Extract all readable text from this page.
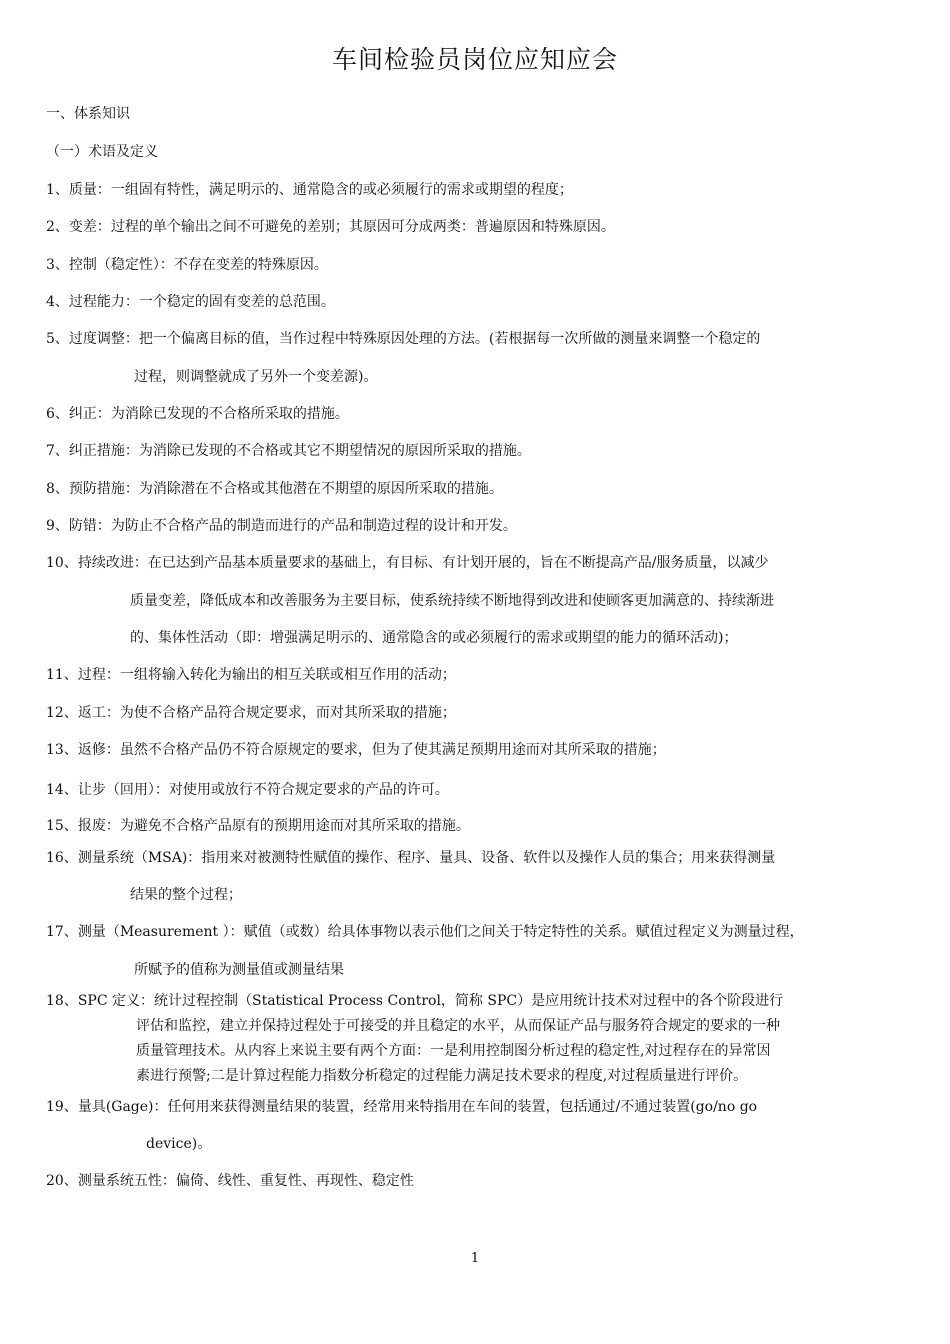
车间检验员岗位应知应会
一、体系知识
（一）术语及定义
1、质量：一组固有特性，满足明示的、通常隐含的或必须履行的需求或期望的程度；
2、变差：过程的单个输出之间不可避免的差别；其原因可分成两类：普遍原因和特殊原因。
3、控制（稳定性）：不存在变差的特殊原因。
4、过程能力：一个稳定的固有变差的总范围。
5、过度调整：把一个偏离目标的值，当作过程中特殊原因处理的方法。(若根据每一次所做的测量来调整一个稳定的
过程，则调整就成了另外一个变差源)。
6、纠正：为消除已发现的不合格所采取的措施。
7、纠正措施：为消除已发现的不合格或其它不期望情况的原因所采取的措施。
8、预防措施：为消除潜在不合格或其他潜在不期望的原因所采取的措施。
9、防错：为防止不合格产品的制造而进行的产品和制造过程的设计和开发。
10、持续改进：在已达到产品基本质量要求的基础上，有目标、有计划开展的，旨在不断提高产品/服务质量，以减少
质量变差，降低成本和改善服务为主要目标，使系统持续不断地得到改进和使顾客更加满意的、持续渐进
的、集体性活动（即：增强满足明示的、通常隐含的或必须履行的需求或期望的能力的循环活动)；
11、过程：一组将输入转化为输出的相互关联或相互作用的活动；
12、返工：为使不合格产品符合规定要求，而对其所采取的措施；
13、返修：虽然不合格产品仍不符合原规定的要求，但为了使其满足预期用途而对其所采取的措施；
14、让步（回用）：对使用或放行不符合规定要求的产品的许可。
15、报废：为避免不合格产品原有的预期用途而对其所采取的措施。
16、测量系统（MSA)：指用来对被测特性赋值的操作、程序、量具、设备、软件以及操作人员的集合；用来获得测量
结果的整个过程；
17、测量（Measurement ）：赋值（或数）给具体事物以表示他们之间关于特定特性的关系。赋值过程定义为测量过程，
所赋予的值称为测量值或测量结果
18、SPC 定义：统计过程控制（Statistical Process Control，简称 SPC）是应用统计技术对过程中的各个阶段进行
评估和监控，建立并保持过程处于可接受的并且稳定的水平，从而保证产品与服务符合规定的要求的一种
质量管理技术。从内容上来说主要有两个方面：一是利用控制图分析过程的稳定性,对过程存在的异常因
素进行预警;二是计算过程能力指数分析稳定的过程能力满足技术要求的程度,对过程质量进行评价。
19、量具(Gage)：任何用来获得测量结果的装置，经常用来特指用在车间的装置，包括通过/不通过装置(go/no go
device)。
20、测量系统五性：偏倚、线性、重复性、再现性、稳定性
1
